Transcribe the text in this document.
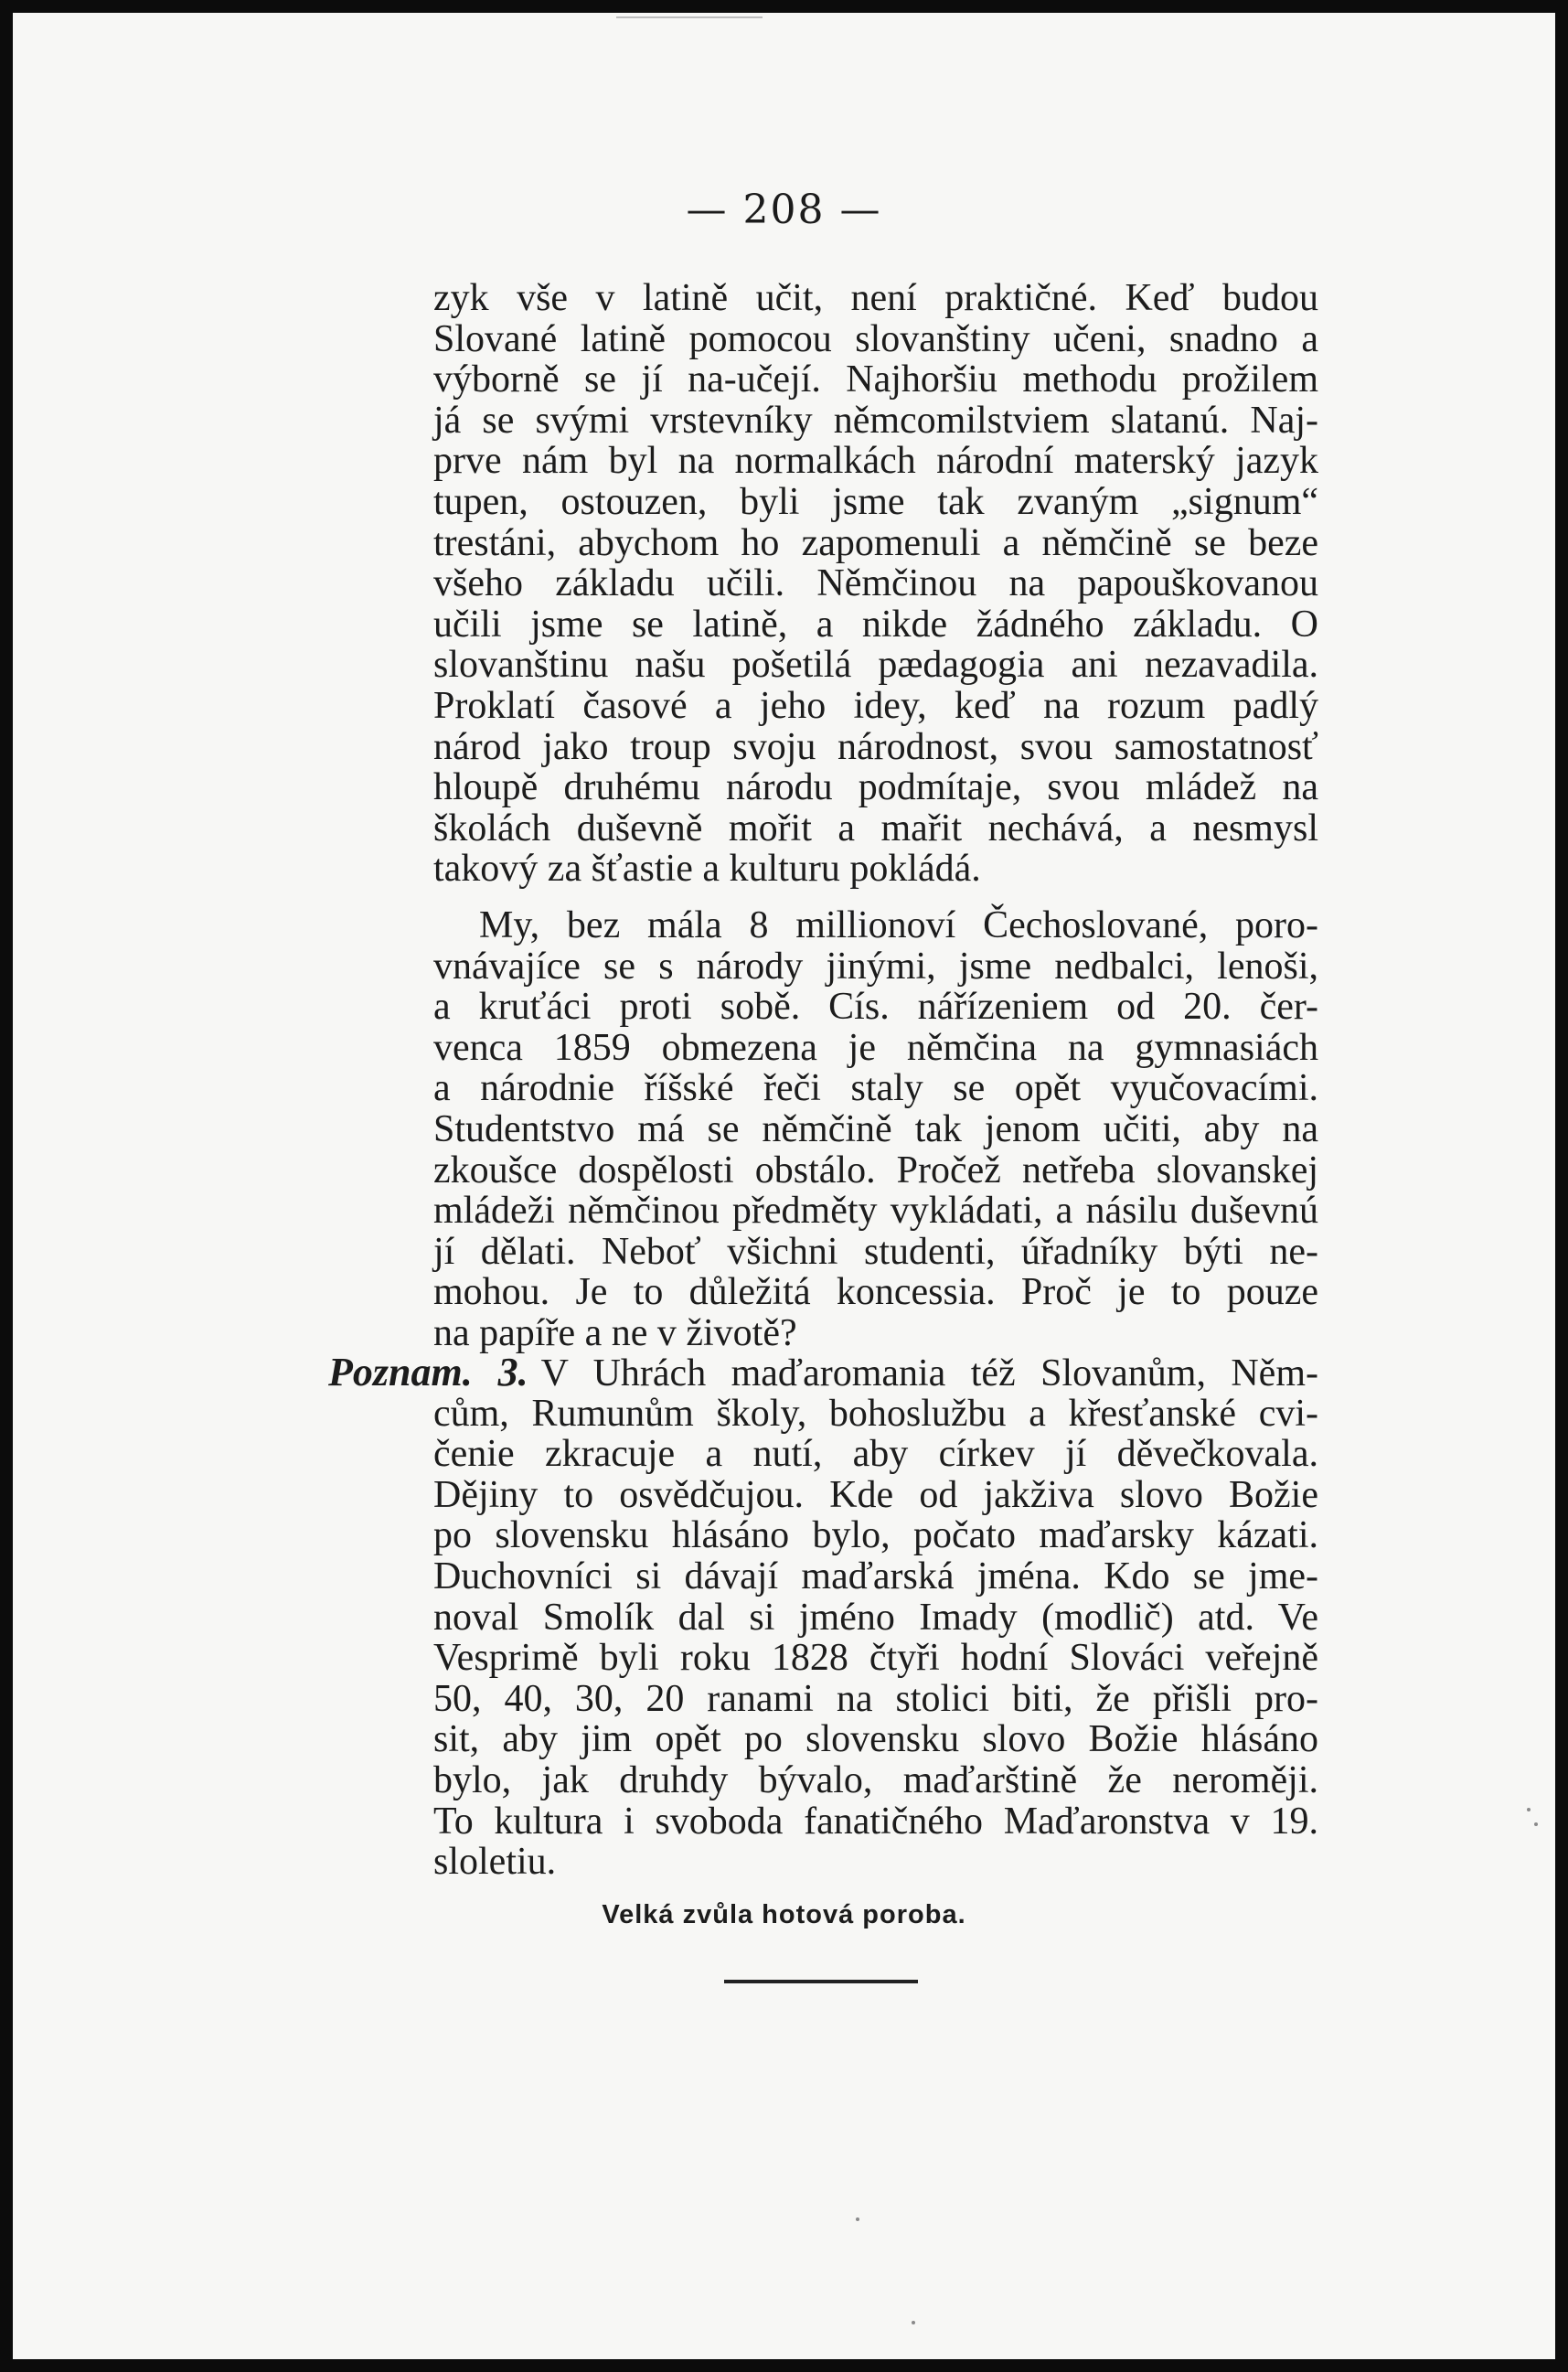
— 208 —
zyk vše v latině učit, není praktičné. Keď budou
Slované latině pomocou slovanštiny učeni, snadno a
výborně se jí na-učejí. Najhoršiu methodu prožilem
já se svými vrstevníky němcomilstviem slatanú. Naj-
prve nám byl na normalkách národní materský jazyk
tupen, ostouzen, byli jsme tak zvaným „signum“
trestáni, abychom ho zapomenuli a němčině se beze
všeho základu učili. Němčinou na papouškovanou
učili jsme se latině, a nikde žádného základu. O
slovanštinu našu pošetilá pædagogia ani nezavadila.
Proklatí časové a jeho idey, keď na rozum padlý
národ jako troup svoju národnost, svou samostatnosť
hloupě druhému národu podmítaje, svou mládež na
školách duševně mořit a mařit nechává, a nesmysl
takový za šťastie a kulturu pokládá.
My, bez mála 8 millionoví Čechoslované, poro-
vnávajíce se s národy jinými, jsme nedbalci, lenoši,
a kruťáci proti sobě. Cís. nářízeniem od 20. čer-
venca 1859 obmezena je němčina na gymnasiách
a národnie říšské řeči staly se opět vyučovacími.
Studentstvo má se němčině tak jenom učiti, aby na
zkoušce dospělosti obstálo. Pročež netřeba slovanskej
mládeži němčinou předměty vykládati, a násilu duševnú
jí dělati. Neboť všichni studenti, úřadníky býti ne-
mohou. Je to důležitá koncessia. Proč je to pouze
na papíře a ne v životě?
Poznam. 3. V Uhrách maďaromania též Slovanům, Něm-
cům, Rumunům školy, bohoslužbu a křesťanské cvi-
čenie zkracuje a nutí, aby církev jí děvečkovala.
Dějiny to osvědčujou. Kde od jakživa slovo Božie
po slovensku hlásáno bylo, počato maďarsky kázati.
Duchovníci si dávají maďarská jména. Kdo se jme-
noval Smolík dal si jméno Imady (modlič) atd. Ve
Vesprimě byli roku 1828 čtyři hodní Slováci veřejně
50, 40, 30, 20 ranami na stolici biti, že přišli pro-
sit, aby jim opět po slovensku slovo Božie hlásáno
bylo, jak druhdy bývalo, maďarštině že neroměji.
To kultura i svoboda fanatičného Maďaronstva v 19.
sloletiu.
Velká zvůla hotová poroba.
